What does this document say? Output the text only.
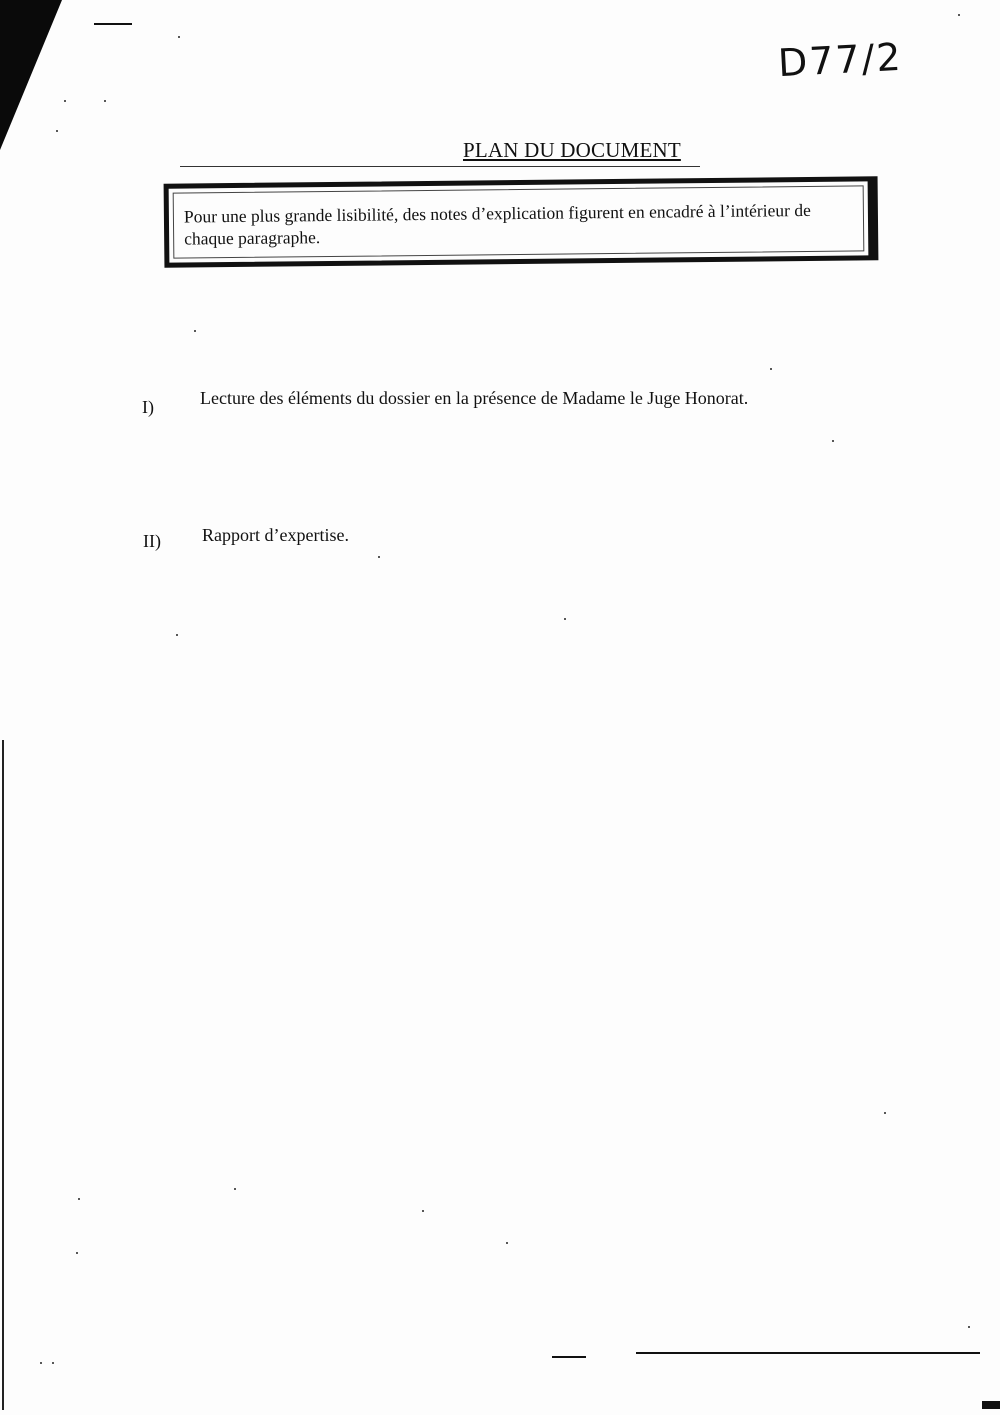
D77/2
PLAN DU DOCUMENT
Pour une plus grande lisibilité, des notes d’explication figurent en encadré à l’intérieur de chaque paragraphe.
I)	Lecture des éléments du dossier en la présence de Madame le Juge Honorat.
II) Rapport d’expertise.
